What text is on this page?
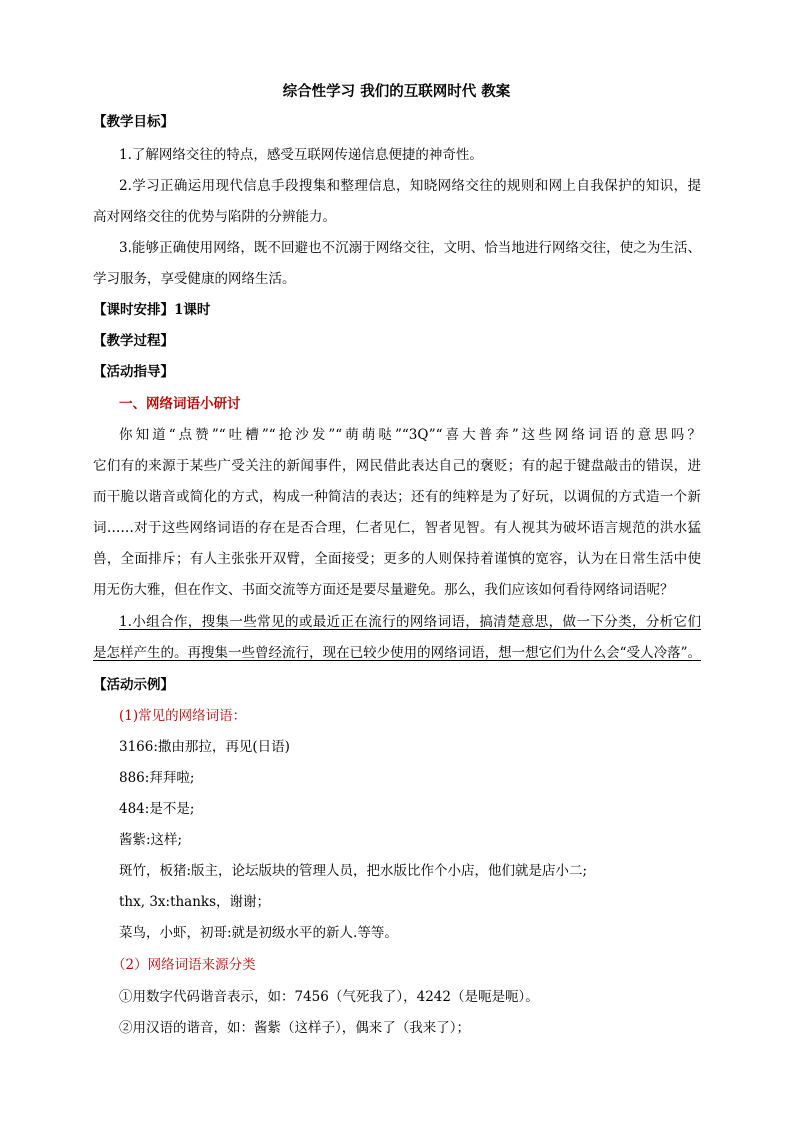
综合性学习 我们的互联网时代 教案
【教学目标】
1.了解网络交往的特点，感受互联网传递信息便捷的神奇性。
2.学习正确运用现代信息手段搜集和整理信息，知晓网络交往的规则和网上自我保护的知识，提
高对网络交往的优势与陷阱的分辨能力。
3.能够正确使用网络，既不回避也不沉溺于网络交往，文明、恰当地进行网络交往，使之为生活、
学习服务，享受健康的网络生活。
【课时安排】1课时
【教学过程】
【活动指导】
一、网络词语小研讨
你知道“点赞”“吐槽”“抢沙发”“萌萌哒”“3Q”“喜大普奔”这些网络词语的意思吗？
它们有的来源于某些广受关注的新闻事件，网民借此表达自己的褒贬；有的起于键盘敲击的错误，进
而干脆以谐音或简化的方式，构成一种简洁的表达；还有的纯粹是为了好玩，以调侃的方式造一个新
词……对于这些网络词语的存在是否合理，仁者见仁，智者见智。有人视其为破坏语言规范的洪水猛
兽，全面排斥；有人主张张开双臂，全面接受；更多的人则保持着谨慎的宽容，认为在日常生活中使
用无伤大雅，但在作文、书面交流等方面还是要尽量避免。那么，我们应该如何看待网络词语呢？
1.小组合作，搜集一些常见的或最近正在流行的网络词语，搞清楚意思，做一下分类，分析它们
是怎样产生的。再搜集一些曾经流行，现在已较少使用的网络词语，想一想它们为什么会“受人冷落”。
【活动示例】
(1)常见的网络词语：
3166:撒由那拉，再见(日语)
886:拜拜啦;
484:是不是;
酱紫:这样;
斑竹，板猪:版主，论坛版块的管理人员，把水版比作个小店，他们就是店小二;
thx, 3x:thanks，谢谢；
菜鸟，小虾，初哥:就是初级水平的新人.等等。
（2）网络词语来源分类
①用数字代码谐音表示，如：7456（气死我了），4242（是呃是呃）。
②用汉语的谐音，如：酱紫（这样子），偶来了（我来了）；
